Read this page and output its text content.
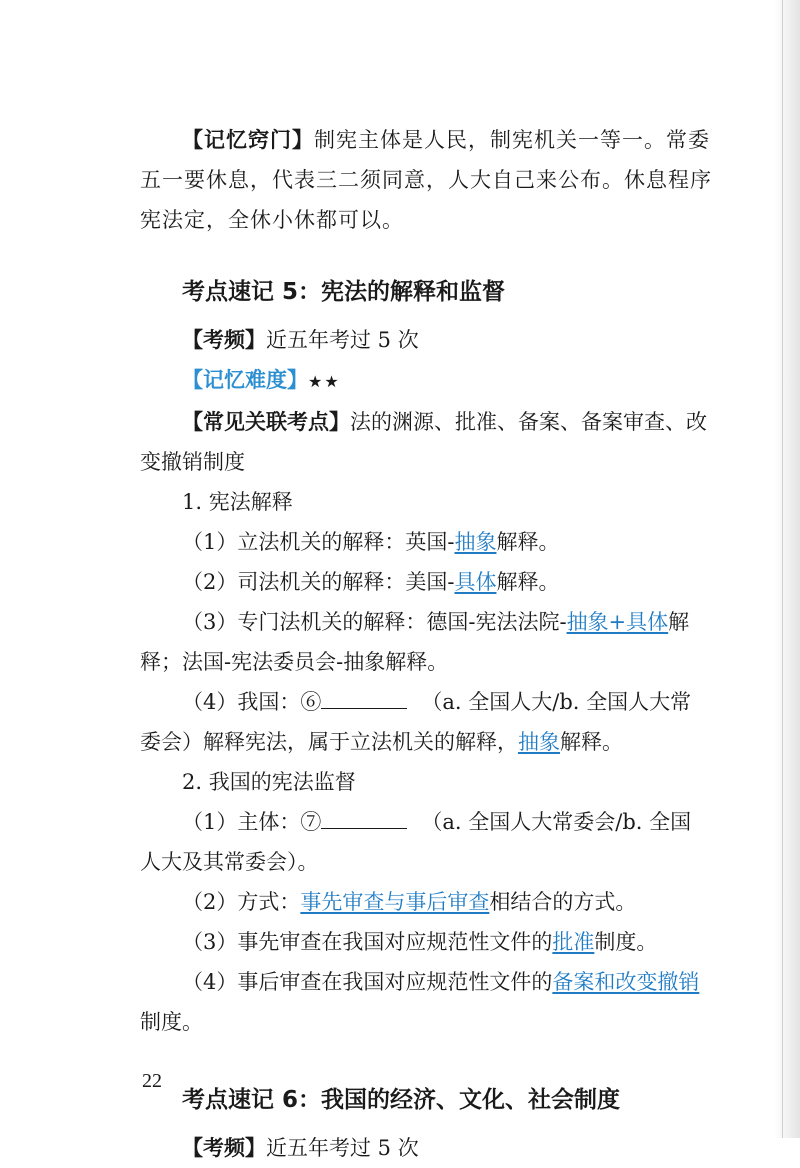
【记忆窍门】制宪主体是人民，制宪机关一等一。常委五一要休息，代表三二须同意，人大自己来公布。休息程序宪法定，全休小休都可以。

考点速记 5：宪法的解释和监督

【考频】近五年考过 5 次

【记忆难度】★★

【常见关联考点】法的渊源、批准、备案、备案审查、改变撤销制度

1. 宪法解释

（1）立法机关的解释：英国-抽象解释。

（2）司法机关的解释：美国-具体解释。

（3）专门法机关的解释：德国-宪法法院-抽象+具体解释；法国-宪法委员会-抽象解释。

（4）我国：⑥	（a. 全国人大/b. 全国人大常委会）解释宪法，属于立法机关的解释，抽象解释。

2. 我国的宪法监督

（1）主体：⑦	（a. 全国人大常委会/b. 全国人大及其常委会）。

（2）方式：事先审查与事后审查相结合的方式。

（3）事先审查在我国对应规范性文件的批准制度。

（4）事后审查在我国对应规范性文件的备案和改变撤销制度。

考点速记 6：我国的经济、文化、社会制度

【考频】近五年考过 5 次

22
